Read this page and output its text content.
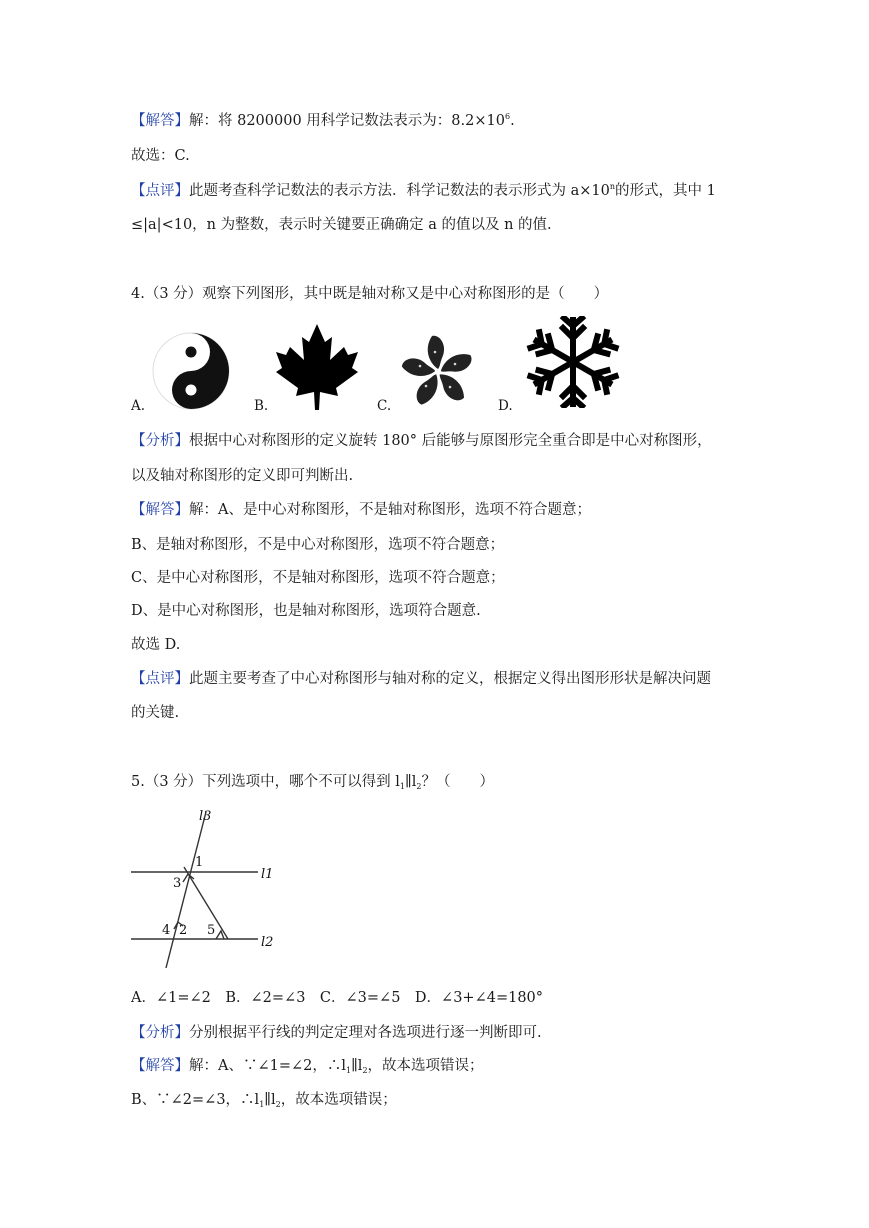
【解答】解：将 8200000 用科学记数法表示为：$8.2\times 10^6$.
故选：C.
【点评】此题考查科学记数法的表示方法．科学记数法的表示形式为 $a\times 10^n$的形式，其中 1
≤|a|<10，n 为整数，表示时关键要正确确定 a 的值以及 n 的值.
4.（3 分）观察下列图形，其中既是轴对称又是中心对称图形的是（　　）
A.	B.	C.	D.
【分析】根据中心对称图形的定义旋转 180° 后能够与原图形完全重合即是中心对称图形，
以及轴对称图形的定义即可判断出.
【解答】解：A、是中心对称图形，不是轴对称图形，选项不符合题意；
B、是轴对称图形，不是中心对称图形，选项不符合题意；
C、是中心对称图形，不是轴对称图形，选项不符合题意；
D、是中心对称图形，也是轴对称图形，选项符合题意.
故选 D.
【点评】此题主要考查了中心对称图形与轴对称的定义，根据定义得出图形形状是解决问题
的关键.
5.（3 分）下列选项中，哪个不可以得到 $l_1\parallel l_2$？（　　）
l3
l1
l2
1
3
4 2 5
A．∠1=∠2　B．∠2=∠3　C．∠3=∠5　D．∠3+∠4=180°
【分析】分别根据平行线的判定定理对各选项进行逐一判断即可.
【解答】解：A、∵∠1=∠2，$\therefore l_1\parallel l_2$，故本选项错误；
B、∵∠2=∠3，$\therefore l_1\parallel l_2$，故本选项错误；
